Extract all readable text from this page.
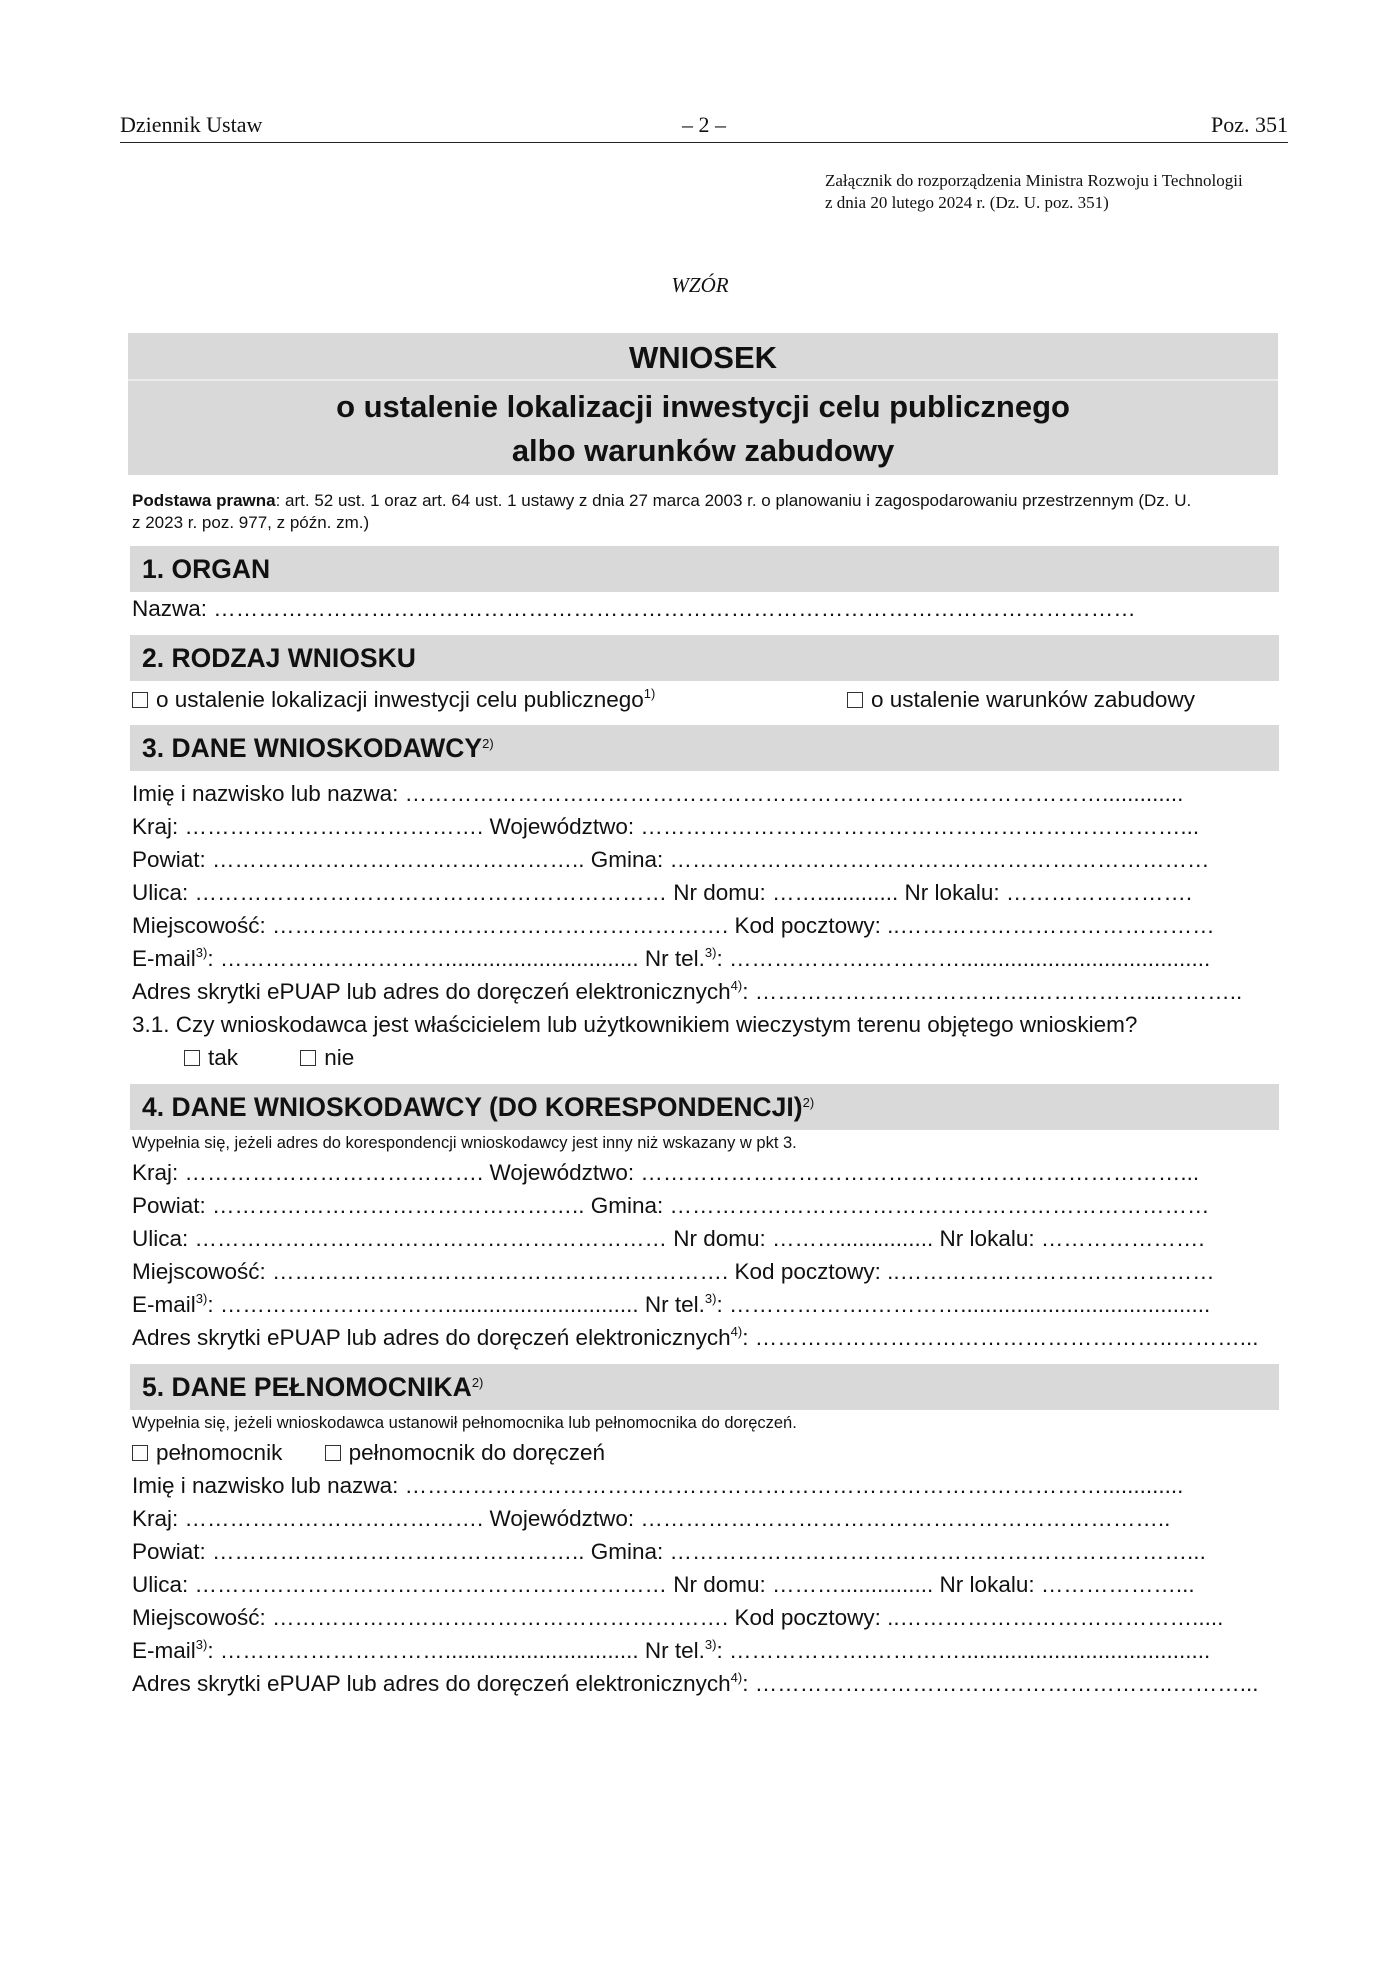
Dziennik Ustaw	– 2 –	Poz. 351
Załącznik do rozporządzenia Ministra Rozwoju i Technologii
z dnia 20 lutego 2024 r. (Dz. U. poz. 351)
WZÓR
WNIOSEK
o ustalenie lokalizacji inwestycji celu publicznego
albo warunków zabudowy
Podstawa prawna: art. 52 ust. 1 oraz art. 64 ust. 1 ustawy z dnia 27 marca 2003 r. o planowaniu i zagospodarowaniu przestrzennym (Dz. U.
z 2023 r. poz. 977, z późn. zm.)
1. ORGAN
Nazwa: ……………………………………………………………………………………………………………
2. RODZAJ WNIOSKU
o ustalenie lokalizacji inwestycji celu publicznego$^{1)}$	o ustalenie warunków zabudowy
3. DANE WNIOSKODAWCY$^{2)}$
Imię i nazwisko lub nazwa: ………………………………………………………………………………….............
Kraj: …………………………………. Województwo: ………………………………………………………………...
Powiat: ………………………………………….. Gmina: ………………………………………………………………
Ulica: ……………………………………………………… Nr domu: ……............. Nr lokalu: …………………….
Miejscowość: ……………………………………………………. Kod pocztowy: ..……………………………………
E-mail$^{3)}$: …………………………............................... Nr tel.$^{3)}$: ……………….…………........................................
Adres skrytki ePUAP lub adres do doręczeń elektronicznych$^{4)}$: ……………………………….……………...………..
3.1. Czy wnioskodawca jest właścicielem lub użytkownikiem wieczystym terenu objętego wnioskiem?
tak	nie
4. DANE WNIOSKODAWCY (DO KORESPONDENCJI)$^{2)}$
Wypełnia się, jeżeli adres do korespondencji wnioskodawcy jest inny niż wskazany w pkt 3.
Kraj: …………………………………. Województwo: ………………………………………………………………...
Powiat: ………………………………………….. Gmina: ………………………………………………………………
Ulica: ……………………………………………………… Nr domu: ………............... Nr lokalu: ………………….
Miejscowość: ……………………………………………………. Kod pocztowy: ..……………………………………
E-mail$^{3)}$: …………………………............................... Nr tel.$^{3)}$: ……………….…………........................................
Adres skrytki ePUAP lub adres do doręczeń elektronicznych$^{4)}$: ………………………………………………..………...
5. DANE PEŁNOMOCNIKA$^{2)}$
Wypełnia się, jeżeli wnioskodawca ustanowił pełnomocnika lub pełnomocnika do doręczeń.
pełnomocnik	pełnomocnik do doręczeń
Imię i nazwisko lub nazwa: ………………………………………………………………………………….............
Kraj: …………………………………. Województwo: ……………………………………………………………..
Powiat: ………………………………………….. Gmina: ……………………………………………………………...
Ulica: ……………………………………………………… Nr domu: ………............... Nr lokalu: ………………...
Miejscowość: ……………………………………………………. Kod pocztowy: ..………………………………….....
E-mail$^{3)}$: …………………………............................... Nr tel.$^{3)}$: ……………….…………........................................
Adres skrytki ePUAP lub adres do doręczeń elektronicznych$^{4)}$: ………………………………………………..………...
